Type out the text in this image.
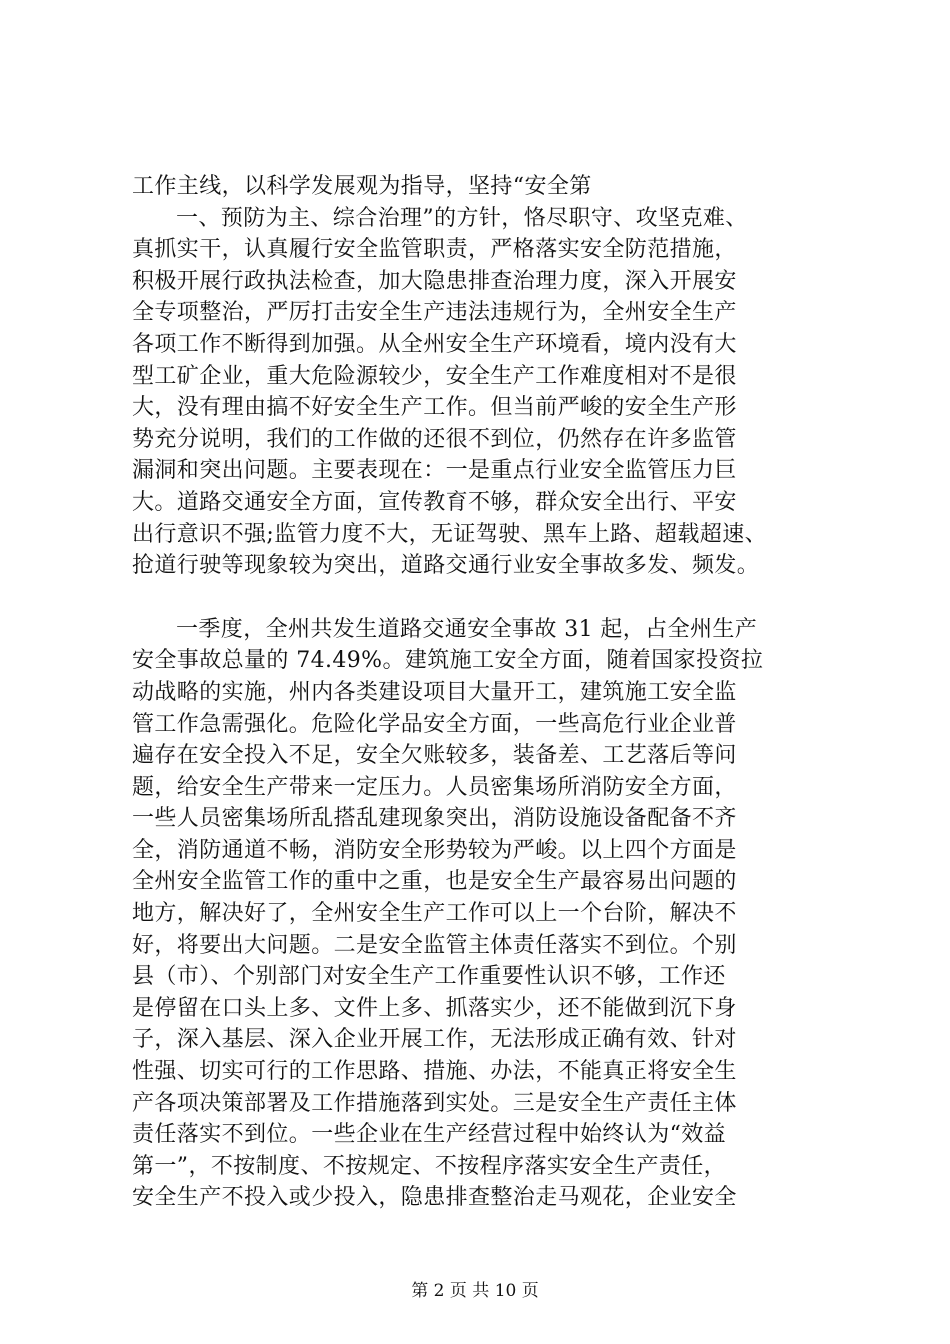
工作主线，以科学发展观为指导，坚持“安全第
一、预防为主、综合治理”的方针，恪尽职守、攻坚克难、
真抓实干，认真履行安全监管职责，严格落实安全防范措施，
积极开展行政执法检查，加大隐患排查治理力度，深入开展安
全专项整治，严厉打击安全生产违法违规行为，全州安全生产
各项工作不断得到加强。从全州安全生产环境看，境内没有大
型工矿企业，重大危险源较少，安全生产工作难度相对不是很
大，没有理由搞不好安全生产工作。但当前严峻的安全生产形
势充分说明，我们的工作做的还很不到位，仍然存在许多监管
漏洞和突出问题。主要表现在：一是重点行业安全监管压力巨
大。道路交通安全方面，宣传教育不够，群众安全出行、平安
出行意识不强;监管力度不大，无证驾驶、黑车上路、超载超速、
抢道行驶等现象较为突出，道路交通行业安全事故多发、频发。
一季度，全州共发生道路交通安全事故 31 起，占全州生产
安全事故总量的 74.49%。建筑施工安全方面，随着国家投资拉
动战略的实施，州内各类建设项目大量开工，建筑施工安全监
管工作急需强化。危险化学品安全方面，一些高危行业企业普
遍存在安全投入不足，安全欠账较多，装备差、工艺落后等问
题，给安全生产带来一定压力。人员密集场所消防安全方面，
一些人员密集场所乱搭乱建现象突出，消防设施设备配备不齐
全，消防通道不畅，消防安全形势较为严峻。以上四个方面是
全州安全监管工作的重中之重，也是安全生产最容易出问题的
地方，解决好了，全州安全生产工作可以上一个台阶，解决不
好，将要出大问题。二是安全监管主体责任落实不到位。个别
县（市）、个别部门对安全生产工作重要性认识不够，工作还
是停留在口头上多、文件上多、抓落实少，还不能做到沉下身
子，深入基层、深入企业开展工作，无法形成正确有效、针对
性强、切实可行的工作思路、措施、办法，不能真正将安全生
产各项决策部署及工作措施落到实处。三是安全生产责任主体
责任落实不到位。一些企业在生产经营过程中始终认为“效益
第一”，不按制度、不按规定、不按程序落实安全生产责任，
安全生产不投入或少投入，隐患排查整治走马观花，企业安全
第 2 页 共 10 页
